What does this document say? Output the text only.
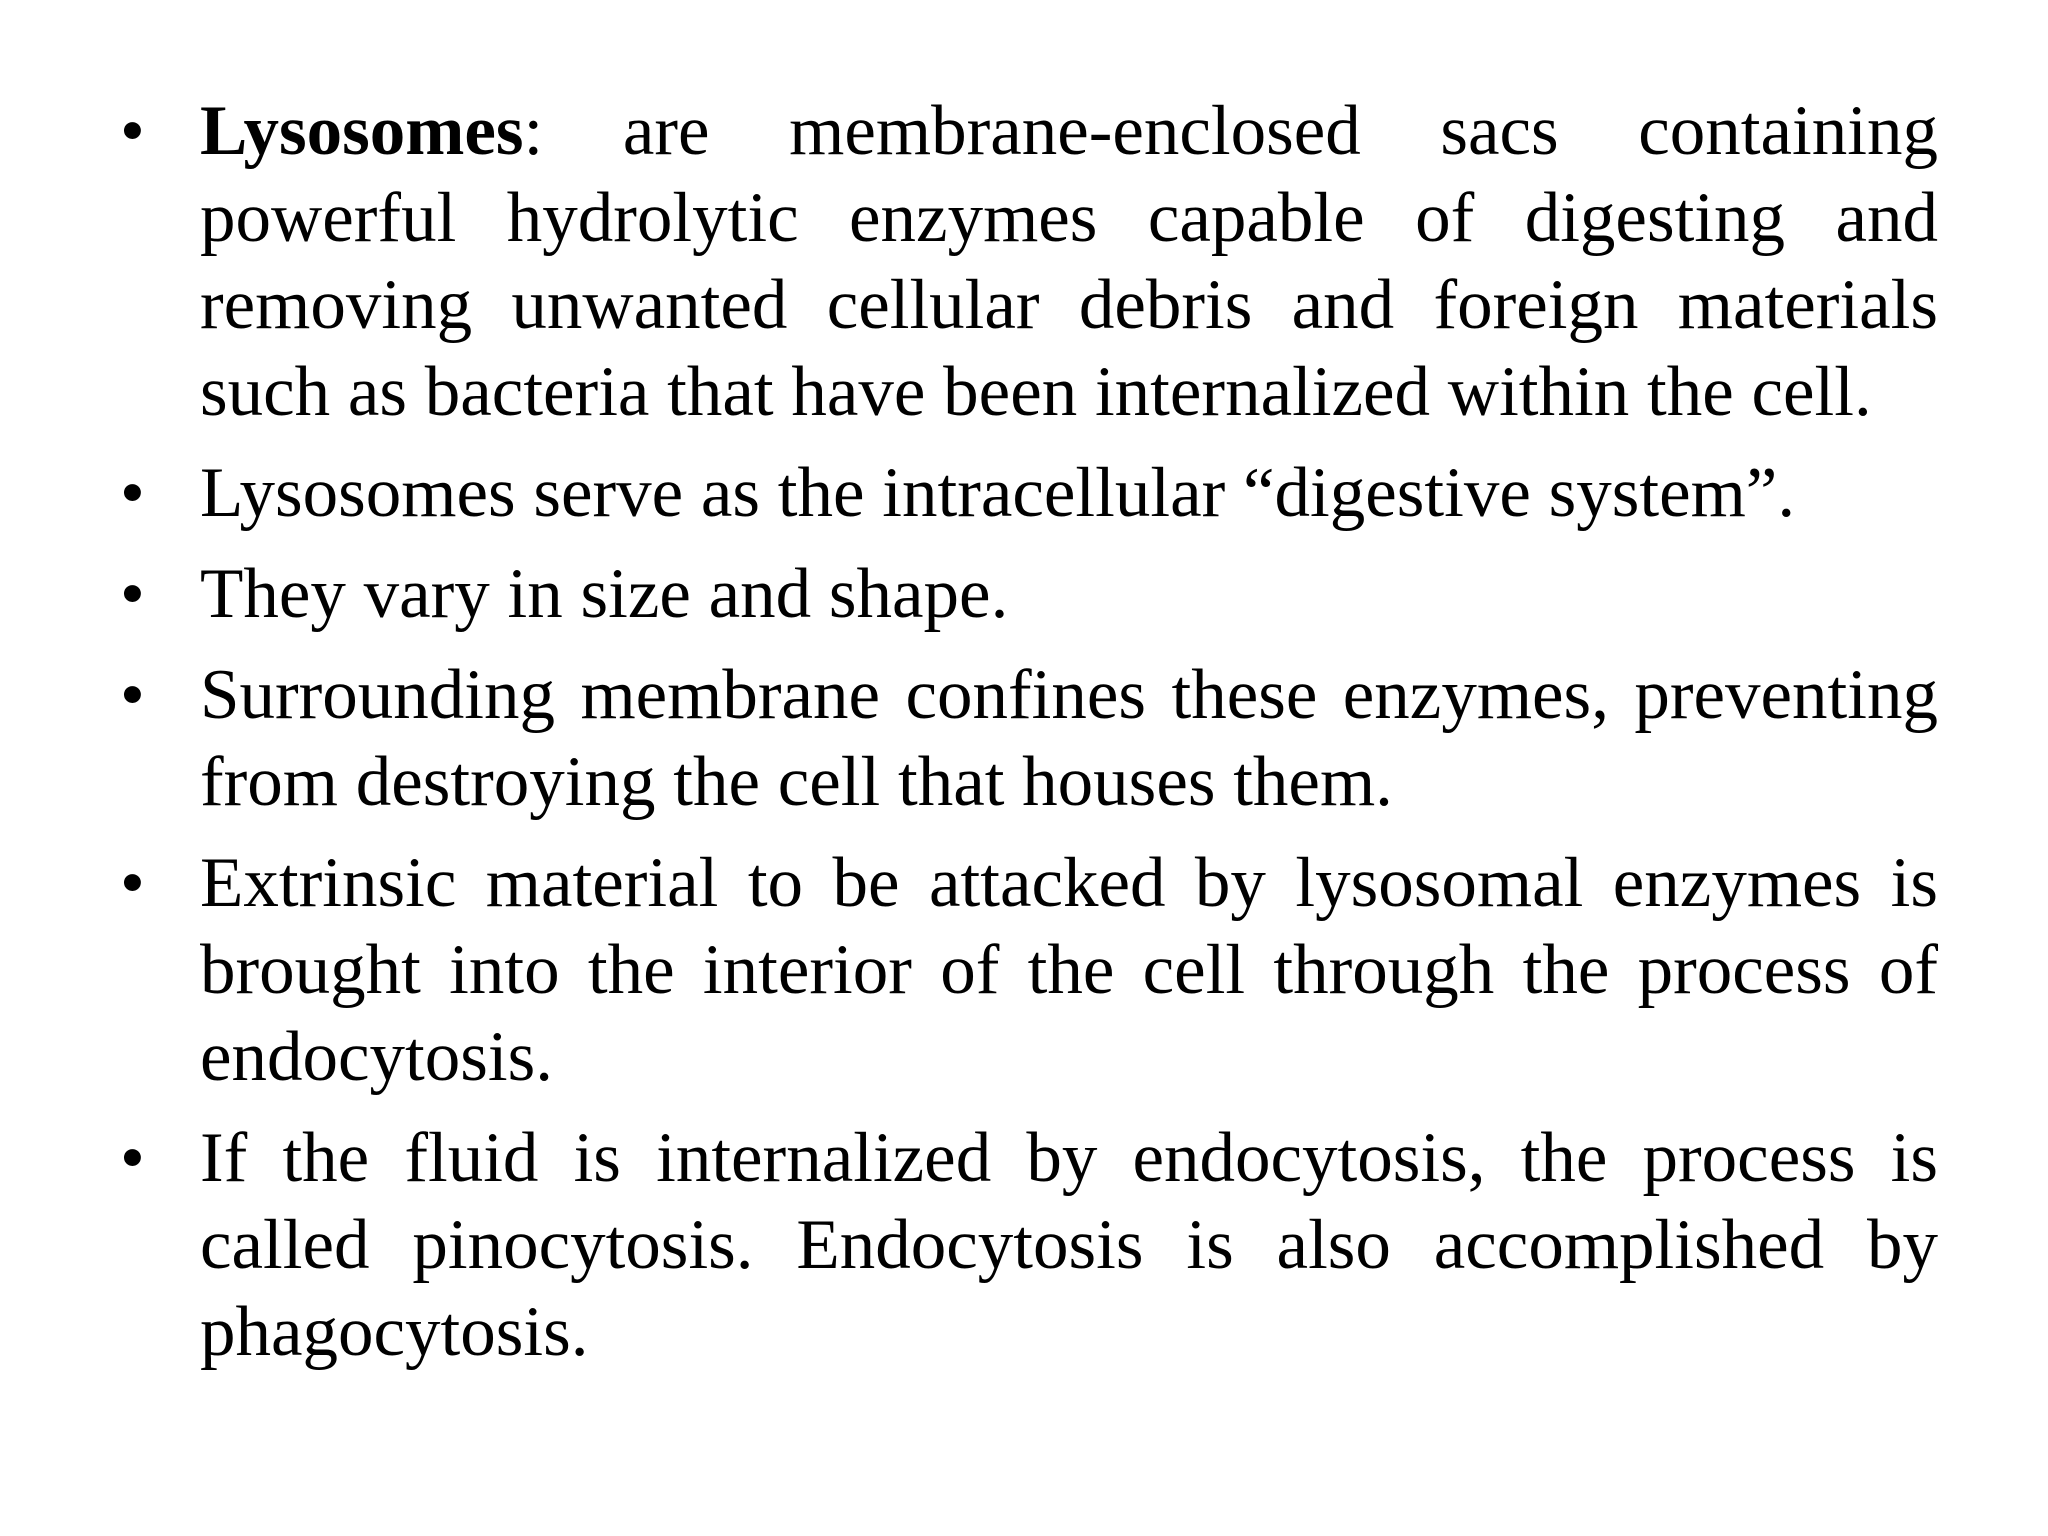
• Lysosomes: are membrane-enclosed sacs containing powerful hydrolytic enzymes capable of digesting and removing unwanted cellular debris and foreign materials such as bacteria that have been internalized within the cell.
• Lysosomes serve as the intracellular “digestive system”.
• They vary in size and shape.
• Surrounding membrane confines these enzymes, preventing from destroying the cell that houses them.
• Extrinsic material to be attacked by lysosomal enzymes is brought into the interior of the cell through the process of endocytosis.
• If the fluid is internalized by endocytosis, the process is called pinocytosis. Endocytosis is also accomplished by phagocytosis.
